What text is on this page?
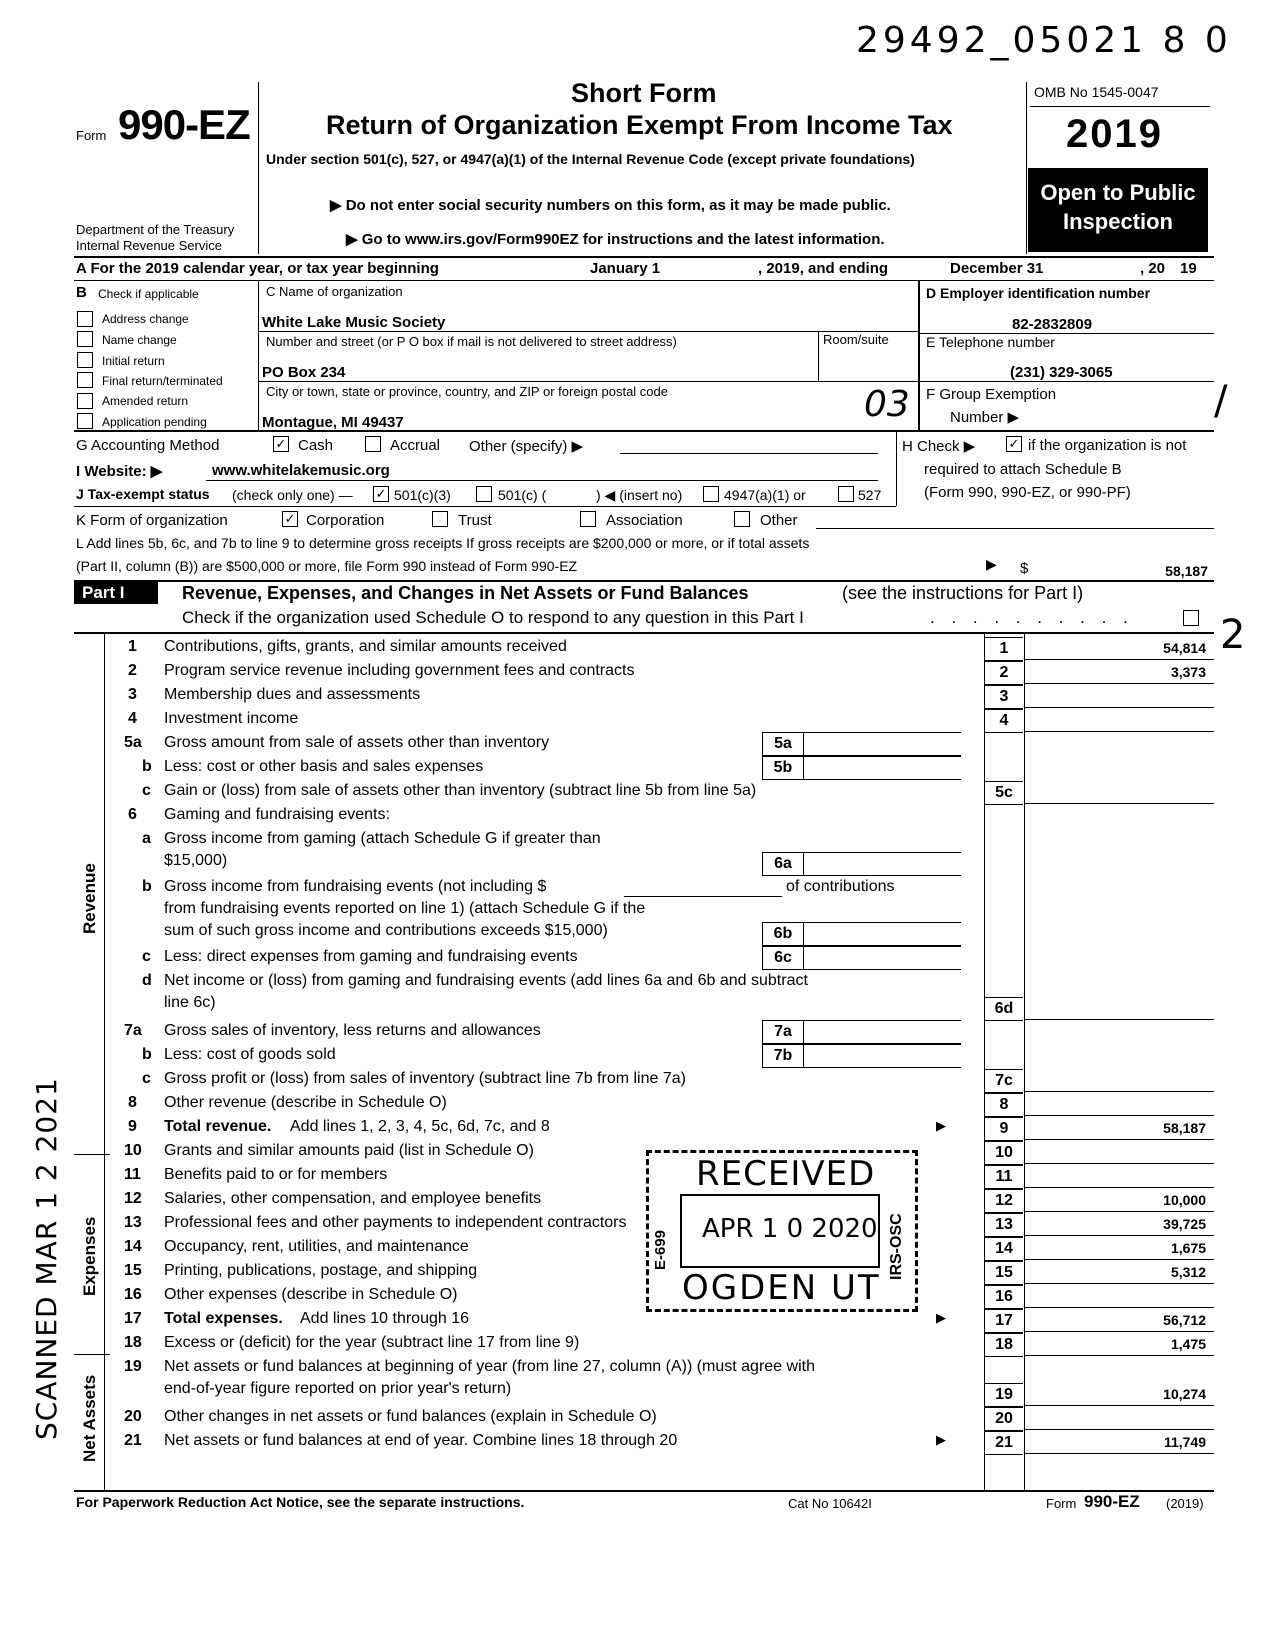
29492_05021 8 0
Form 990-EZ
Department of the Treasury
Internal Revenue Service
Short Form
Return of Organization Exempt From Income Tax
Under section 501(c), 527, or 4947(a)(1) of the Internal Revenue Code (except private foundations)
▶ Do not enter social security numbers on this form, as it may be made public.
▶ Go to www.irs.gov/Form990EZ for instructions and the latest information.
OMB No 1545-0047
2019
Open to Public
Inspection
A For the 2019 calendar year, or tax year beginning	January 1	, 2019, and ending	December 31	, 20 19
B Check if applicable
Address change
Name change
Initial return
Final return/terminated
Amended return
Application pending
C Name of organization
White Lake Music Society
Number and street (or P O box if mail is not delivered to street address)	Room/suite
PO Box 234
City or town, state or province, country, and ZIP or foreign postal code
Montague, MI 49437	03
D Employer identification number
82-2832809
E Telephone number
(231) 329-3065
F Group Exemption
Number ▶	/
G Accounting Method	✓ Cash	Accrual Other (specify) ▶
I Website: ▶	www.whitelakemusic.org
J Tax-exempt status (check only one) — ✓ 501(c)(3)	501(c) (	) ◀ (insert no)	4947(a)(1) or	527
H Check ▶	✓ if the organization is not
required to attach Schedule B
(Form 990, 990-EZ, or 990-PF)
K Form of organization	✓ Corporation	Trust	Association	Other
L Add lines 5b, 6c, and 7b to line 9 to determine gross receipts If gross receipts are $200,000 or more, or if total assets
(Part II, column (B)) are $500,000 or more, file Form 990 instead of Form 990-EZ	▶ $	58,187
Part I	Revenue, Expenses, and Changes in Net Assets or Fund Balances	(see the instructions for Part I)
Check if the organization used Schedule O to respond to any question in this Part I	. . . . . . . . . . 2
Revenue
Expenses
Net Assets
1 Contributions, gifts, grants, and similar amounts received	1	54,814
2 Program service revenue including government fees and contracts	2	3,373
3 Membership dues and assessments	3
4 Investment income	4
5a Gross amount from sale of assets other than inventory	5a
b Less: cost or other basis and sales expenses	5b
c Gain or (loss) from sale of assets other than inventory (subtract line 5b from line 5a)	5c
6 Gaming and fundraising events:
a Gross income from gaming (attach Schedule G if greater than
$15,000)	6a
b Gross income from fundraising events (not including $	of contributions
from fundraising events reported on line 1) (attach Schedule G if the
sum of such gross income and contributions exceeds $15,000)	6b
c Less: direct expenses from gaming and fundraising events	6c
d Net income or (loss) from gaming and fundraising events (add lines 6a and 6b and subtract
line 6c)	6d
7a Gross sales of inventory, less returns and allowances	7a
b Less: cost of goods sold	7b
c Gross profit or (loss) from sales of inventory (subtract line 7b from line 7a)	7c
8 Other revenue (describe in Schedule O)	8
9 Total revenue. Add lines 1, 2, 3, 4, 5c, 6d, 7c, and 8	▶	9	58,187
10 Grants and similar amounts paid (list in Schedule O)	10
11 Benefits paid to or for members	11
12 Salaries, other compensation, and employee benefits	12	10,000
13 Professional fees and other payments to independent contractors	13	39,725
14 Occupancy, rent, utilities, and maintenance	14	1,675
15 Printing, publications, postage, and shipping	15	5,312
16 Other expenses (describe in Schedule O)	16
17 Total expenses. Add lines 10 through 16	▶	17	56,712
18 Excess or (deficit) for the year (subtract line 17 from line 9)	18	1,475
19 Net assets or fund balances at beginning of year (from line 27, column (A)) (must agree with
end-of-year figure reported on prior year's return)	19	10,274
20 Other changes in net assets or fund balances (explain in Schedule O)	20
21 Net assets or fund balances at end of year. Combine lines 18 through 20	▶	21	11,749
RECEIVED
APR 1 0 2020
OGDEN UT
E-699	IRS-OSC
SCANNED MAR 1 2 2021
For Paperwork Reduction Act Notice, see the separate instructions.	Cat No 10642I	Form 990-EZ (2019)
